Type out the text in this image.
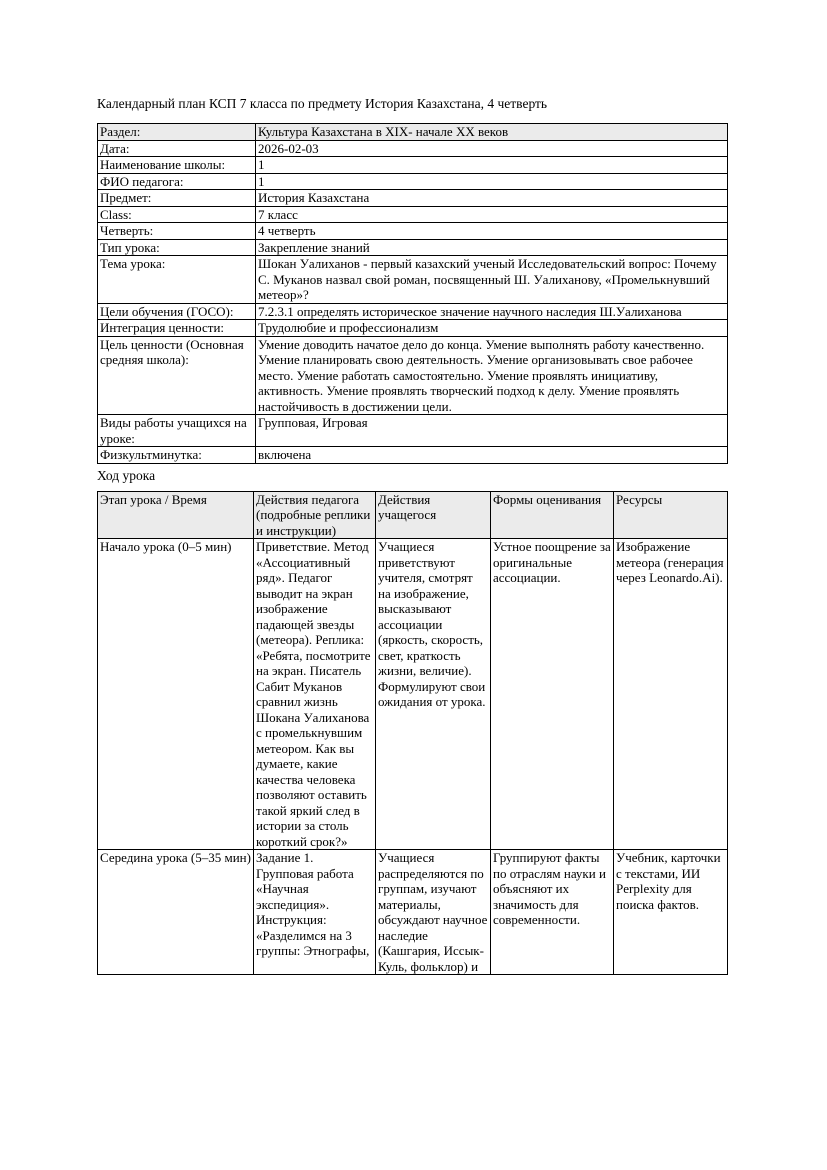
Календарный план КСП 7 класса по предмету История Казахстана, 4 четверть

Раздел:	Культура Казахстана в XIX- начале XX веков
Дата:	2026-02-03
Наименование школы:	1
ФИО педагога:	1
Предмет:	История Казахстана
Class:	7 класс
Четверть:	4 четверть
Тип урока:	Закрепление знаний
Тема урока:	Шокан Уалиханов - первый казахский ученый Исследовательский вопрос: Почему С. Муканов назвал свой роман, посвященный Ш. Уалиханову, «Промелькнувший метеор»?
Цели обучения (ГОСО):	7.2.3.1 определять историческое значение научного наследия Ш.Уалиханова
Интеграция ценности:	Трудолюбие и профессионализм
Цель ценности (Основная средняя школа):	Умение доводить начатое дело до конца. Умение выполнять работу качественно. Умение планировать свою деятельность. Умение организовывать свое рабочее место. Умение работать самостоятельно. Умение проявлять инициативу, активность. Умение проявлять творческий подход к делу. Умение проявлять настойчивость в достижении цели.
Виды работы учащихся на уроке:	Групповая, Игровая
Физкультминутка:	включена

Ход урока

Этап урока / Время	Действия педагога (подробные реплики и инструкции)	Действия учащегося	Формы оценивания	Ресурсы
Начало урока (0–5 мин)	Приветствие. Метод «Ассоциативный ряд». Педагог выводит на экран изображение падающей звезды (метеора). Реплика: «Ребята, посмотрите на экран. Писатель Сабит Муканов сравнил жизнь Шокана Уалиханова с промелькнувшим метеором. Как вы думаете, какие качества человека позволяют оставить такой яркий след в истории за столь короткий срок?»	Учащиеся приветствуют учителя, смотрят на изображение, высказывают ассоциации (яркость, скорость, свет, краткость жизни, величие). Формулируют свои ожидания от урока.	Устное поощрение за оригинальные ассоциации.	Изображение метеора (генерация через Leonardo.Ai).
Середина урока (5–35 мин)	Задание 1. Групповая работа «Научная экспедиция». Инструкция: «Разделимся на 3 группы: Этнографы,	Учащиеся распределяются по группам, изучают материалы, обсуждают научное наследие (Кашгария, Иссык-Куль, фольклор) и	Группируют факты по отраслям науки и объясняют их значимость для современности.	Учебник, карточки с текстами, ИИ Perplexity для поиска фактов.
